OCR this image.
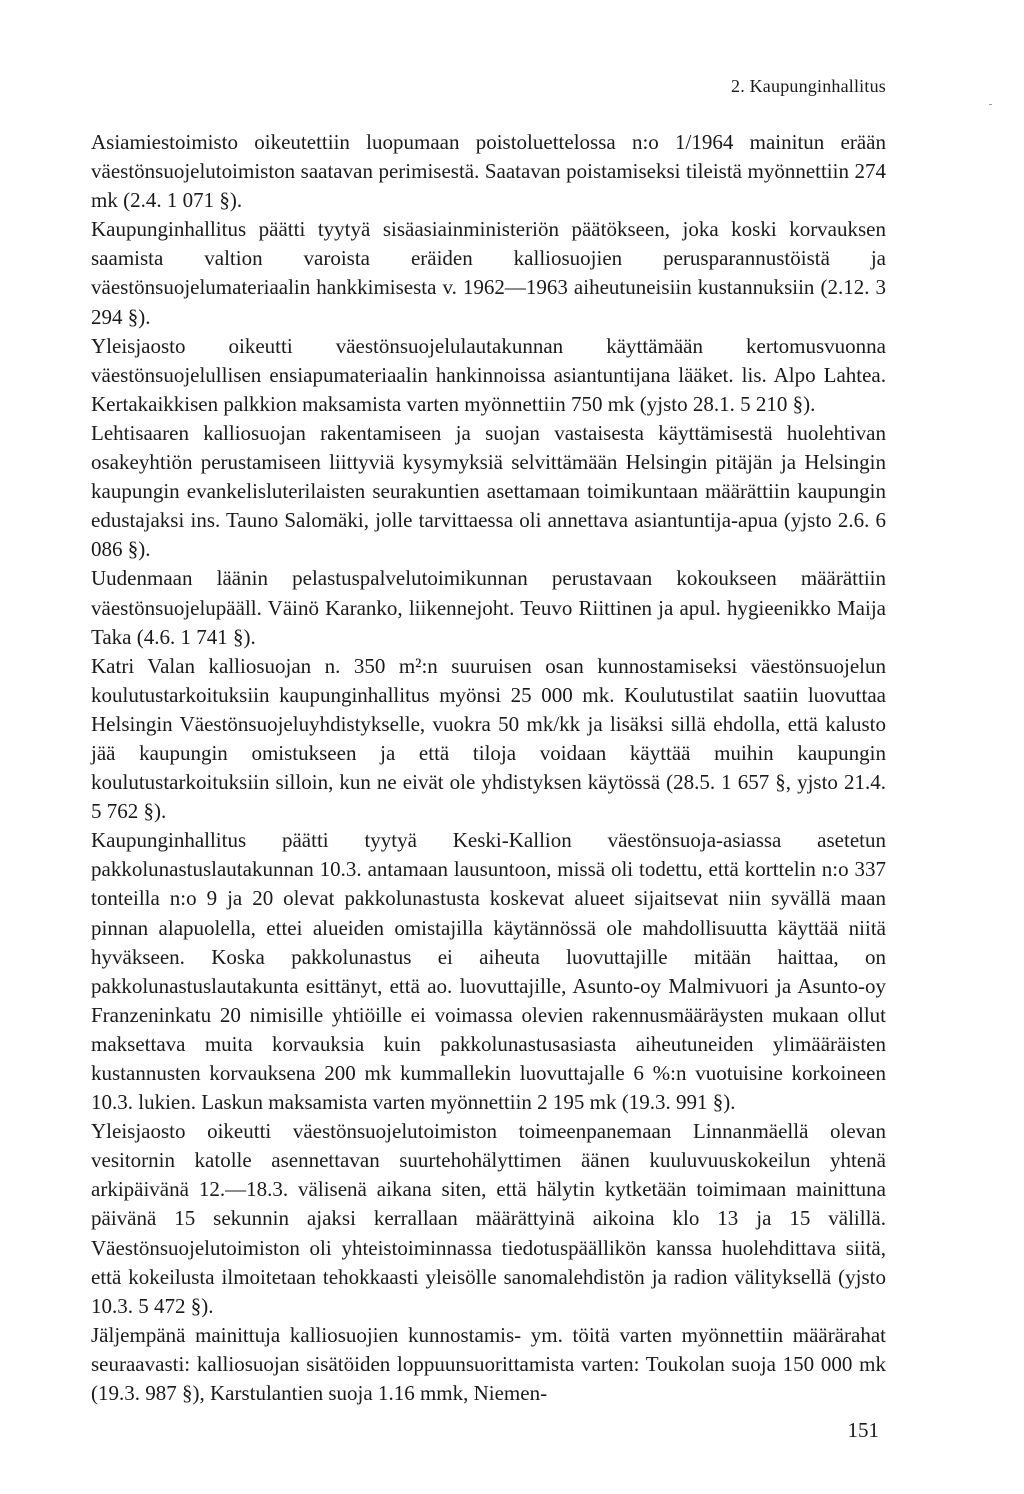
2. Kaupunginhallitus

Asiamiestoimisto oikeutettiin luopumaan poistoluettelossa n:o 1/1964 mainitun erään väestönsuojelutoimiston saatavan perimisestä. Saatavan poistamiseksi tileistä myönnettiin 274 mk (2.4. 1 071 §).

Kaupunginhallitus päätti tyytyä sisäasiainministeriön päätökseen, joka koski korvauksen saamista valtion varoista eräiden kalliosuojien perusparannustöistä ja väestönsuojelumateriaalin hankkimisesta v. 1962—1963 aiheutuneisiin kustannuksiin (2.12. 3 294 §).

Yleisjaosto oikeutti väestönsuojelulautakunnan käyttämään kertomusvuonna väestönsuojelullisen ensiapumateriaalin hankinnoissa asiantuntijana lääket. lis. Alpo Lahtea. Kertakaikkisen palkkion maksamista varten myönnettiin 750 mk (yjsto 28.1. 5 210 §).

Lehtisaaren kalliosuojan rakentamiseen ja suojan vastaisesta käyttämisestä huolehtivan osakeyhtiön perustamiseen liittyviä kysymyksiä selvittämään Helsingin pitäjän ja Helsingin kaupungin evankelisluterilaisten seurakuntien asettamaan toimikuntaan määrättiin kaupungin edustajaksi ins. Tauno Salomäki, jolle tarvittaessa oli annettava asiantuntija-apua (yjsto 2.6. 6 086 §).

Uudenmaan läänin pelastuspalvelutoimikunnan perustavaan kokoukseen määrättiin väestönsuojelupääll. Väinö Karanko, liikennejoht. Teuvo Riittinen ja apul. hygieenikko Maija Taka (4.6. 1 741 §).

Katri Valan kalliosuojan n. 350 m²:n suuruisen osan kunnostamiseksi väestönsuojelun koulutustarkoituksiin kaupunginhallitus myönsi 25 000 mk. Koulutustilat saatiin luovuttaa Helsingin Väestönsuojeluyhdistykselle, vuokra 50 mk/kk ja lisäksi sillä ehdolla, että kalusto jää kaupungin omistukseen ja että tiloja voidaan käyttää muihin kaupungin koulutustarkoituksiin silloin, kun ne eivät ole yhdistyksen käytössä (28.5. 1 657 §, yjsto 21.4. 5 762 §).

Kaupunginhallitus päätti tyytyä Keski-Kallion väestönsuoja-asiassa asetetun pakkolunastuslautakunnan 10.3. antamaan lausuntoon, missä oli todettu, että korttelin n:o 337 tonteilla n:o 9 ja 20 olevat pakkolunastusta koskevat alueet sijaitsevat niin syvällä maan pinnan alapuolella, ettei alueiden omistajilla käytännössä ole mahdollisuutta käyttää niitä hyväkseen. Koska pakkolunastus ei aiheuta luovuttajille mitään haittaa, on pakkolunastuslautakunta esittänyt, että ao. luovuttajille, Asunto-oy Malmivuori ja Asunto-oy Franzeninkatu 20 nimisille yhtiöille ei voimassa olevien rakennusmääräysten mukaan ollut maksettava muita korvauksia kuin pakkolunastusasiasta aiheutuneiden ylimääräisten kustannusten korvauksena 200 mk kummallekin luovuttajalle 6 %:n vuotuisine korkoineen 10.3. lukien. Laskun maksamista varten myönnettiin 2 195 mk (19.3. 991 §).

Yleisjaosto oikeutti väestönsuojelutoimiston toimeenpanemaan Linnanmäellä olevan vesitornin katolle asennettavan suurtehohälyttimen äänen kuuluvuuskokeilun yhtenä arkipäivänä 12.—18.3. välisenä aikana siten, että hälytin kytketään toimimaan mainittuna päivänä 15 sekunnin ajaksi kerrallaan määrättyinä aikoina klo 13 ja 15 välillä. Väestönsuojelutoimiston oli yhteistoiminnassa tiedotuspäällikön kanssa huolehdittava siitä, että kokeilusta ilmoitetaan tehokkaasti yleisölle sanomalehdistön ja radion välityksellä (yjsto 10.3. 5 472 §).

Jäljempänä mainittuja kalliosuojien kunnostamis- ym. töitä varten myönnettiin määrärahat seuraavasti: kalliosuojan sisätöiden loppuunsuorittamista varten: Toukolan suoja 150 000 mk (19.3. 987 §), Karstulantien suoja 1.16 mmk, Niemen-

151
